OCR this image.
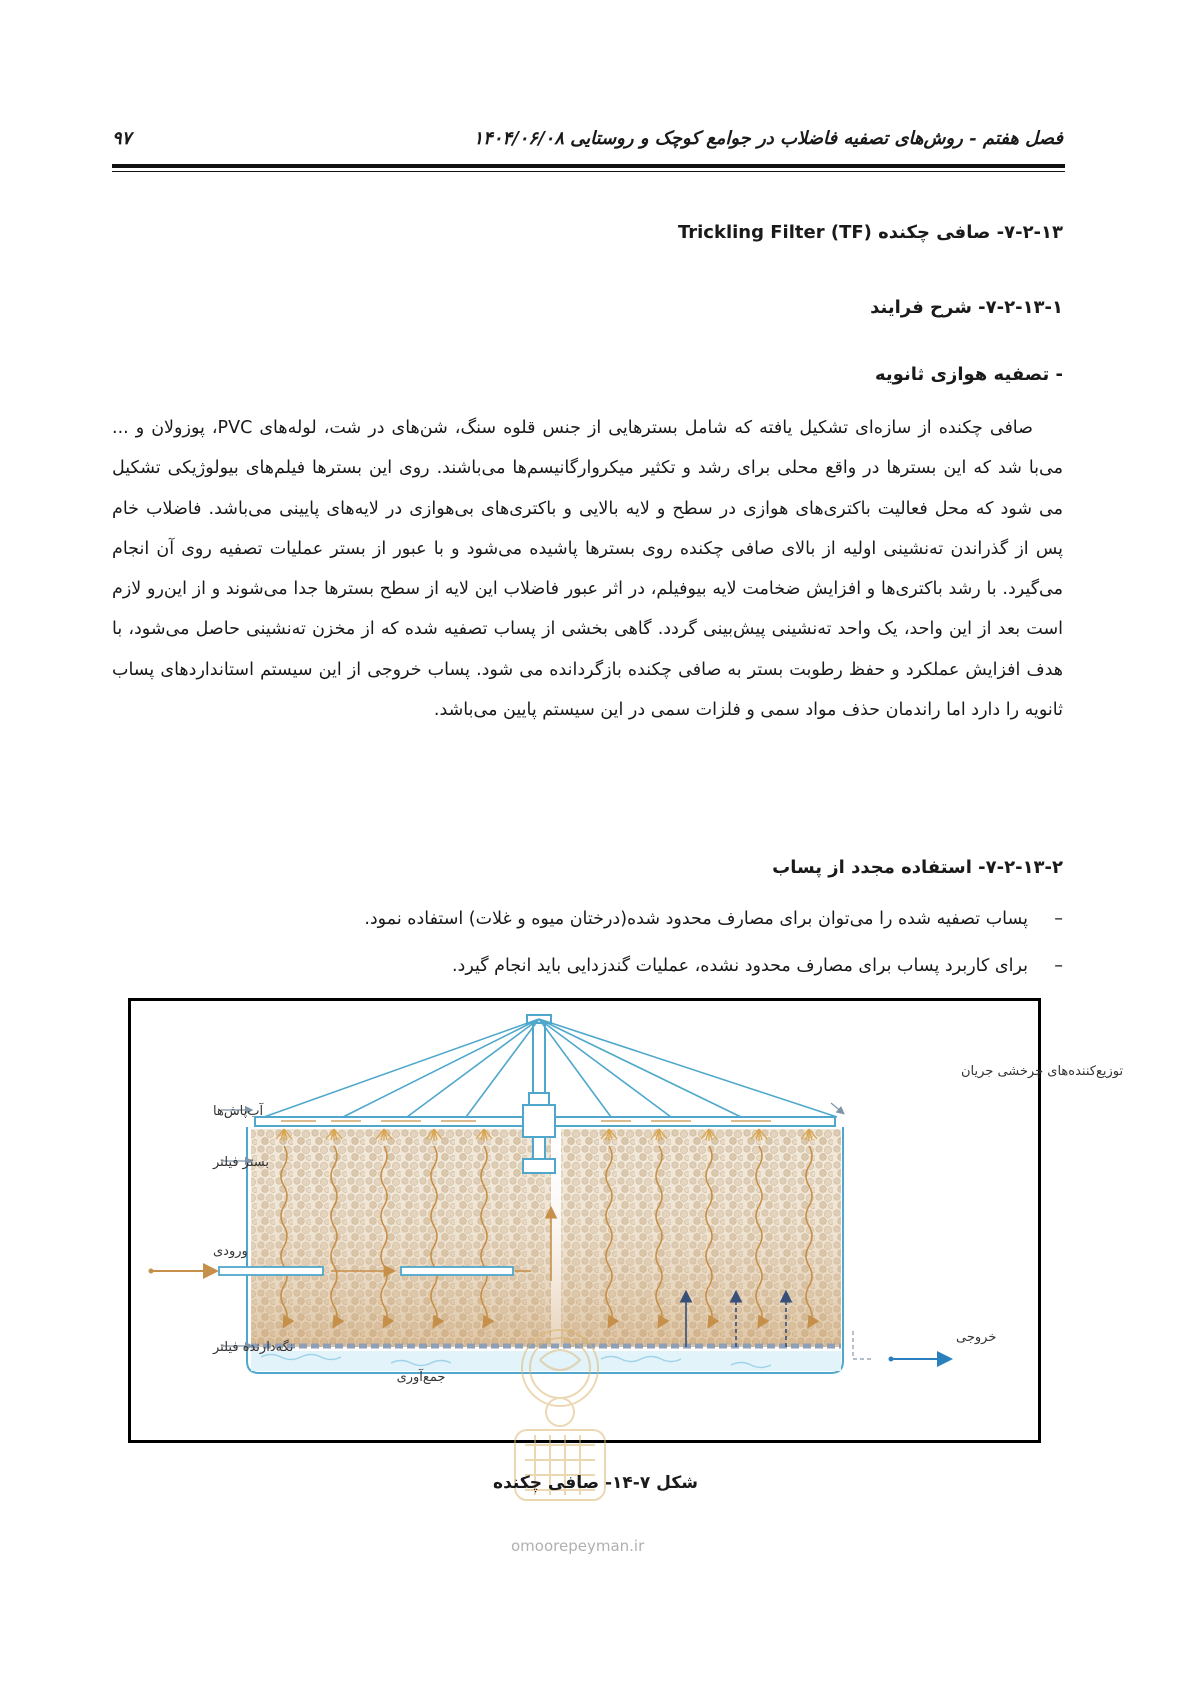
فصل هفتم - روش‌های تصفیه فاضلاب در جوامع کوچک و روستایی ۱۴۰۴/۰۶/۰۸
۹۷
۷-۲-۱۳- صافی چکنده Trickling Filter (TF)
۷-۲-۱۳-۱- شرح فرایند
- تصفیه هوازی ثانویه

صافی چکنده از سازه‌ای تشکیل یافته که شامل بسترهایی از جنس قلوه سنگ، شن‌های در شت، لوله‌های PVC، پوزولان و ... می‌با شد که این بسترها در واقع محلی برای رشد و تکثیر میکروارگانیسم‌ها می‌باشند. روی این بسترها فیلم‌های بیولوژیکی تشکیل می شود که محل فعالیت باکتری‌های هوازی در سطح و لایه بالایی و باکتری‌های بی‌هوازی در لایه‌های پایینی می‌باشد. فاضلاب خام پس از گذراندن ته‌نشینی اولیه از بالای صافی چکنده روی بسترها پاشیده می‌شود و با عبور از بستر عملیات تصفیه روی آن انجام می‌گیرد. با رشد باکتری‌ها و افزایش ضخامت لایه بیوفیلم، در اثر عبور فاضلاب این لایه از سطح بسترها جدا می‌شوند و از این‌رو لازم است بعد از این واحد، یک واحد ته‌نشینی پیش‌بینی گردد. گاهی بخشی از پساب تصفیه شده که از مخزن ته‌نشینی حاصل می‌شود، با هدف افزایش عملکرد و حفظ رطوبت بستر به صافی چکنده بازگردانده می شود. پساب خروجی از این سیستم استانداردهای پساب ثانویه را دارد اما راندمان حذف مواد سمی و فلزات سمی در این سیستم پایین می‌باشد.

۷-۲-۱۳-۲- استفاده مجدد از پساب
– پساب تصفیه شده را می‌توان برای مصارف محدود شده(درختان میوه و غلات) استفاده نمود.
– برای کاربرد پساب برای مصارف محدود نشده، عملیات گندزدایی باید انجام گیرد.
آب‌پاش‌ها
بستر فیلتر
ورودی
نگه‌دارنده فیلتر
جمع‌آوری
خروجی
توزیع‌کننده‌های چرخشی جریان
شکل ۷-۱۴- صافی چکنده
omoorepeyman.ir
